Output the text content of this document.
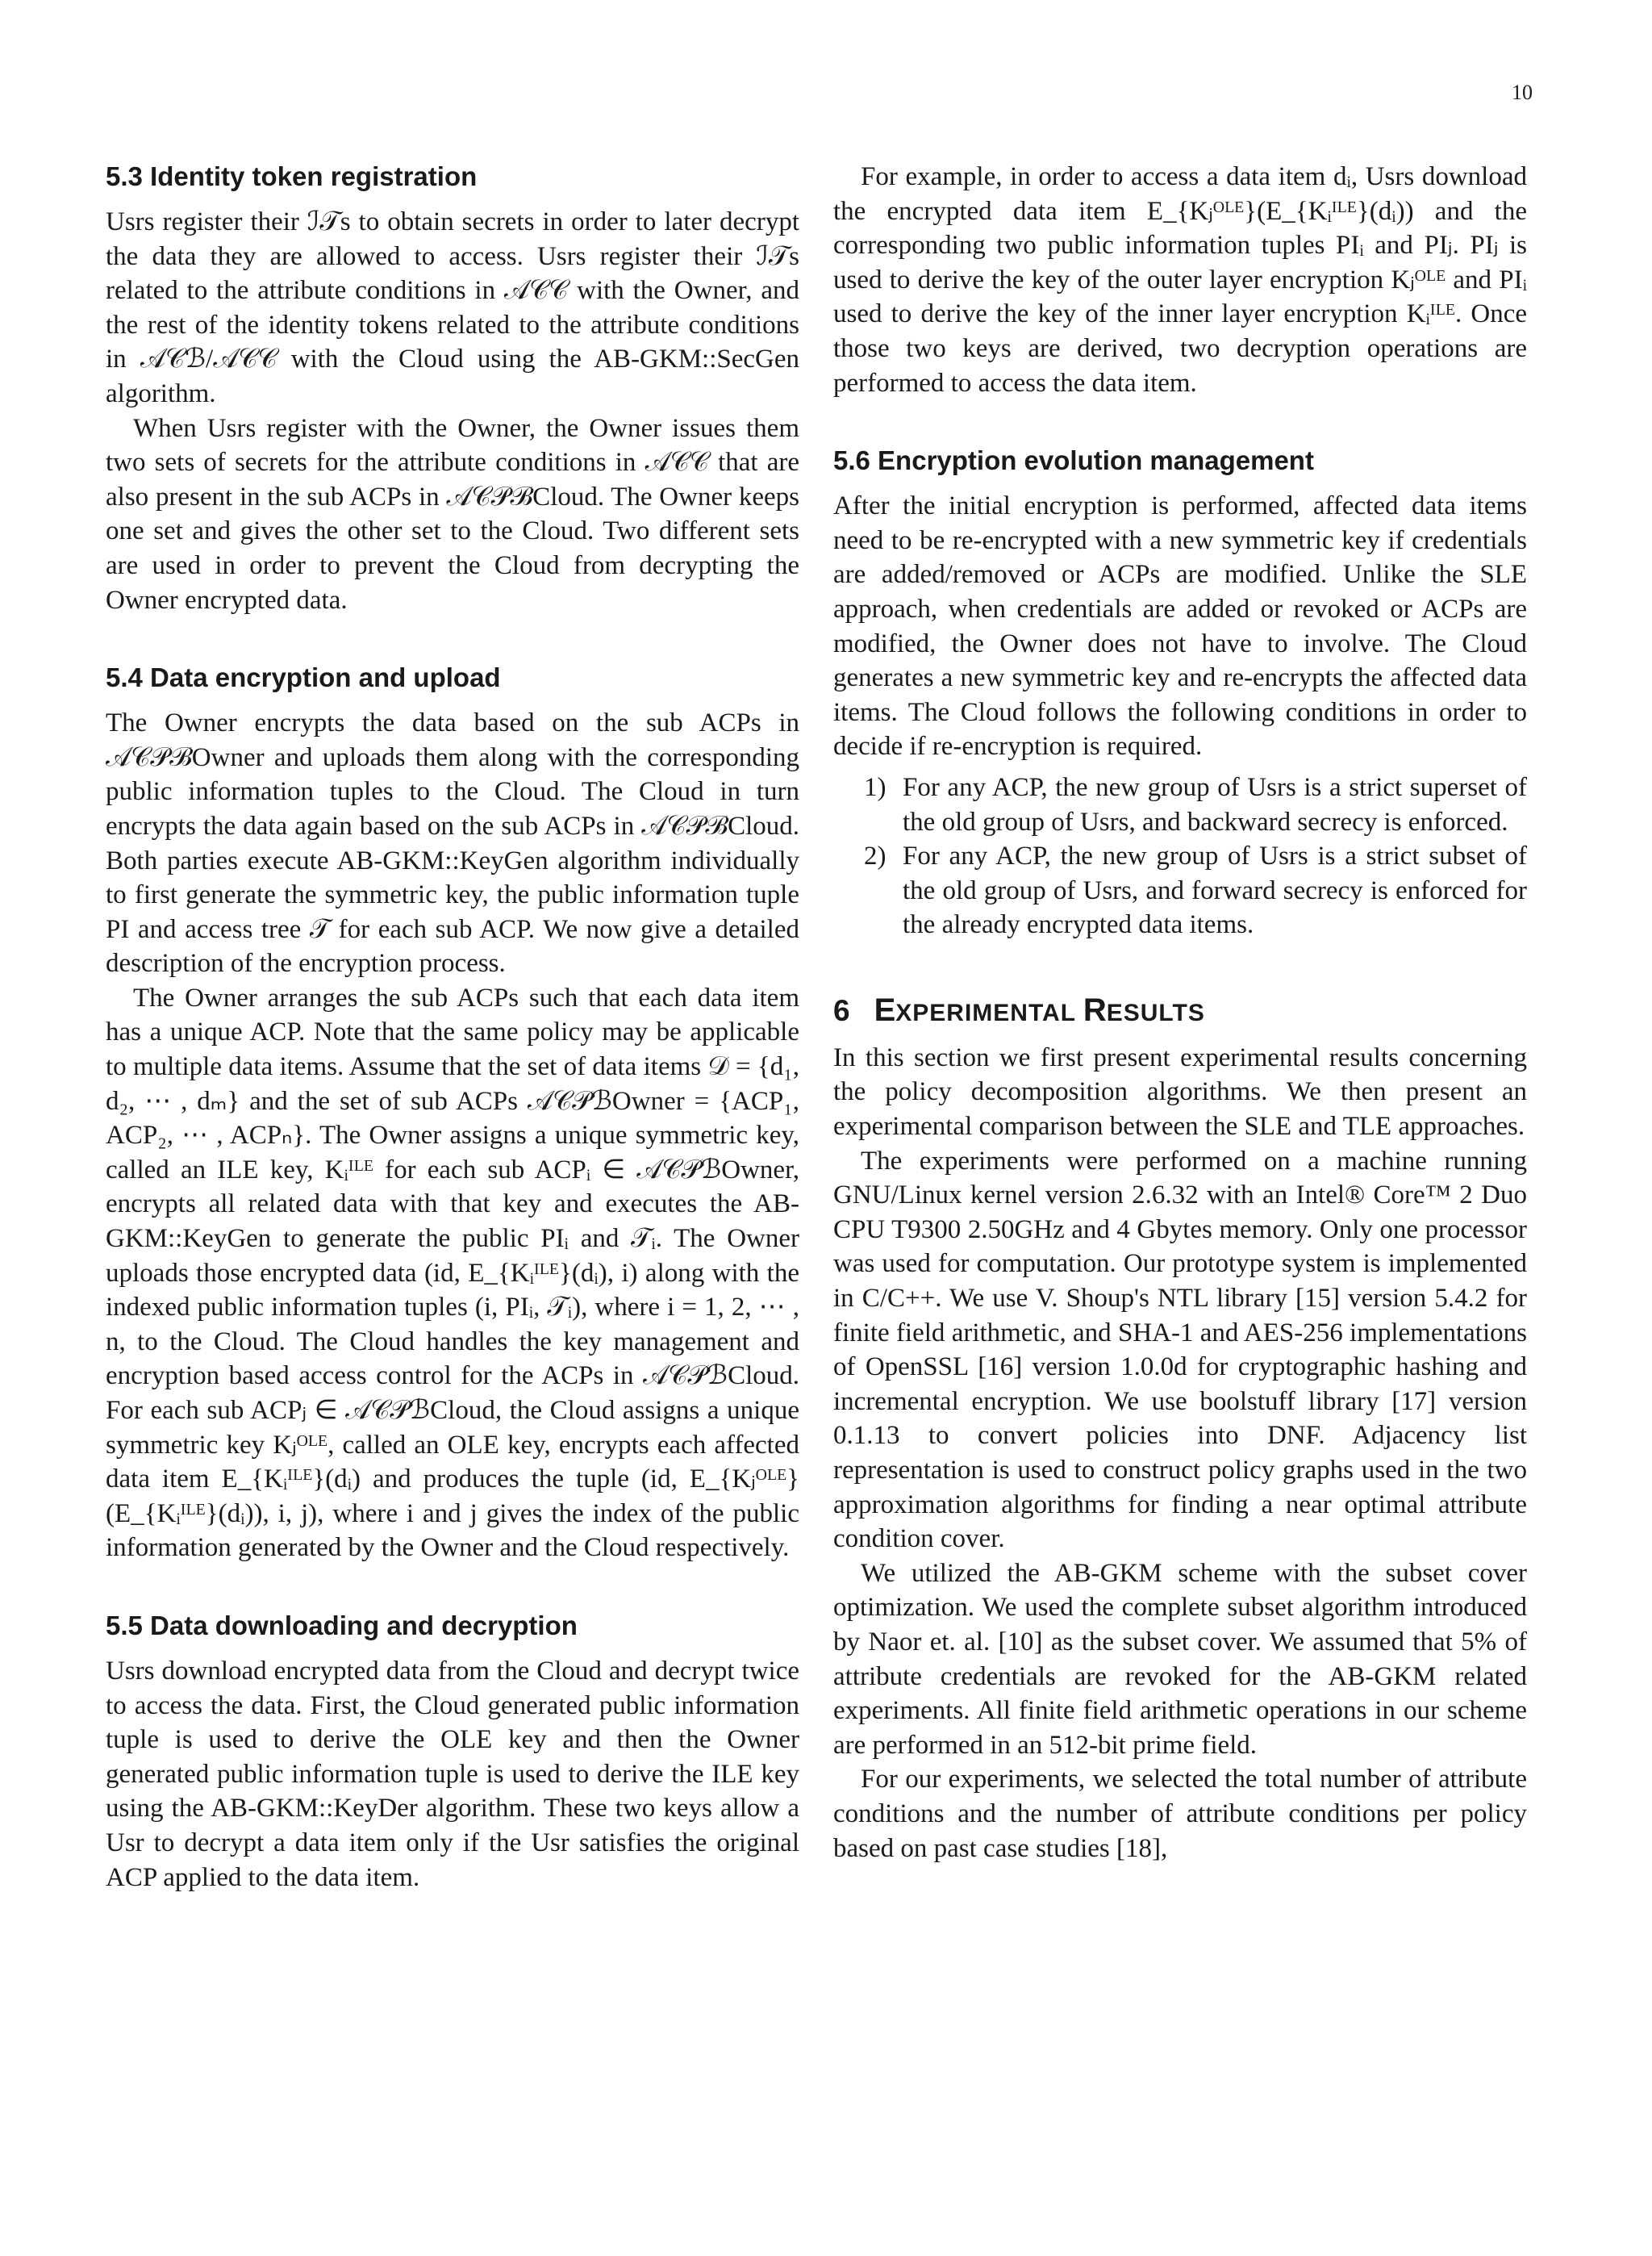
10
5.3 Identity token registration

Usrs register their ℐ𝒯s to obtain secrets in order to later decrypt the data they are allowed to access. Usrs register their ℐ𝒯s related to the attribute conditions in 𝒜𝒞𝒞 with the Owner, and the rest of the identity tokens related to the attribute conditions in 𝒜𝒞ℬ/𝒜𝒞𝒞 with the Cloud using the AB-GKM::SecGen algorithm.

When Usrs register with the Owner, the Owner issues them two sets of secrets for the attribute conditions in 𝒜𝒞𝒞 that are also present in the sub ACPs in 𝒜𝒞𝒫ℬCloud. The Owner keeps one set and gives the other set to the Cloud. Two different sets are used in order to prevent the Cloud from decrypting the Owner encrypted data.

5.4 Data encryption and upload

The Owner encrypts the data based on the sub ACPs in 𝒜𝒞𝒫ℬOwner and uploads them along with the corresponding public information tuples to the Cloud. The Cloud in turn encrypts the data again based on the sub ACPs in 𝒜𝒞𝒫ℬCloud. Both parties execute AB-GKM::KeyGen algorithm individually to first generate the symmetric key, the public information tuple PI and access tree 𝒯 for each sub ACP. We now give a detailed description of the encryption process.

The Owner arranges the sub ACPs such that each data item has a unique ACP. Note that the same policy may be applicable to multiple data items. Assume that the set of data items 𝒟 = {d₁, d₂, ⋯ , dₘ} and the set of sub ACPs 𝒜𝒞𝒫ℬOwner = {ACP₁, ACP₂, ⋯ , ACPₙ}. The Owner assigns a unique symmetric key, called an ILE key, Kᵢᴵᴸᴱ for each sub ACPᵢ ∈ 𝒜𝒞𝒫ℬOwner, encrypts all related data with that key and executes the AB-GKM::KeyGen to generate the public PIᵢ and 𝒯ᵢ. The Owner uploads those encrypted data (id, E_{Kᵢᴵᴸᴱ}(dᵢ), i) along with the indexed public information tuples (i, PIᵢ, 𝒯ᵢ), where i = 1, 2, ⋯ , n, to the Cloud. The Cloud handles the key management and encryption based access control for the ACPs in 𝒜𝒞𝒫ℬCloud. For each sub ACPⱼ ∈ 𝒜𝒞𝒫ℬCloud, the Cloud assigns a unique symmetric key Kⱼᴼᴸᴱ, called an OLE key, encrypts each affected data item E_{Kᵢᴵᴸᴱ}(dᵢ) and produces the tuple (id, E_{Kⱼᴼᴸᴱ}(E_{Kᵢᴵᴸᴱ}(dᵢ)), i, j), where i and j gives the index of the public information generated by the Owner and the Cloud respectively.

5.5 Data downloading and decryption

Usrs download encrypted data from the Cloud and decrypt twice to access the data. First, the Cloud generated public information tuple is used to derive the OLE key and then the Owner generated public information tuple is used to derive the ILE key using the AB-GKM::KeyDer algorithm. These two keys allow a Usr to decrypt a data item only if the Usr satisfies the original ACP applied to the data item.

For example, in order to access a data item dᵢ, Usrs download the encrypted data item E_{Kⱼᴼᴸᴱ}(E_{Kᵢᴵᴸᴱ}(dᵢ)) and the corresponding two public information tuples PIᵢ and PIⱼ. PIⱼ is used to derive the key of the outer layer encryption Kⱼᴼᴸᴱ and PIᵢ used to derive the key of the inner layer encryption Kᵢᴵᴸᴱ. Once those two keys are derived, two decryption operations are performed to access the data item.

5.6 Encryption evolution management

After the initial encryption is performed, affected data items need to be re-encrypted with a new symmetric key if credentials are added/removed or ACPs are modified. Unlike the SLE approach, when credentials are added or revoked or ACPs are modified, the Owner does not have to involve. The Cloud generates a new symmetric key and re-encrypts the affected data items. The Cloud follows the following conditions in order to decide if re-encryption is required.

1) For any ACP, the new group of Usrs is a strict superset of the old group of Usrs, and backward secrecy is enforced.
2) For any ACP, the new group of Usrs is a strict subset of the old group of Usrs, and forward secrecy is enforced for the already encrypted data items.
6 EXPERIMENTAL RESULTS

In this section we first present experimental results concerning the policy decomposition algorithms. We then present an experimental comparison between the SLE and TLE approaches.

The experiments were performed on a machine running GNU/Linux kernel version 2.6.32 with an Intel® Core™ 2 Duo CPU T9300 2.50GHz and 4 Gbytes memory. Only one processor was used for computation. Our prototype system is implemented in C/C++. We use V. Shoup's NTL library [15] version 5.4.2 for finite field arithmetic, and SHA-1 and AES-256 implementations of OpenSSL [16] version 1.0.0d for cryptographic hashing and incremental encryption. We use boolstuff library [17] version 0.1.13 to convert policies into DNF. Adjacency list representation is used to construct policy graphs used in the two approximation algorithms for finding a near optimal attribute condition cover.

We utilized the AB-GKM scheme with the subset cover optimization. We used the complete subset algorithm introduced by Naor et. al. [10] as the subset cover. We assumed that 5% of attribute credentials are revoked for the AB-GKM related experiments. All finite field arithmetic operations in our scheme are performed in an 512-bit prime field.

For our experiments, we selected the total number of attribute conditions and the number of attribute conditions per policy based on past case studies [18],
